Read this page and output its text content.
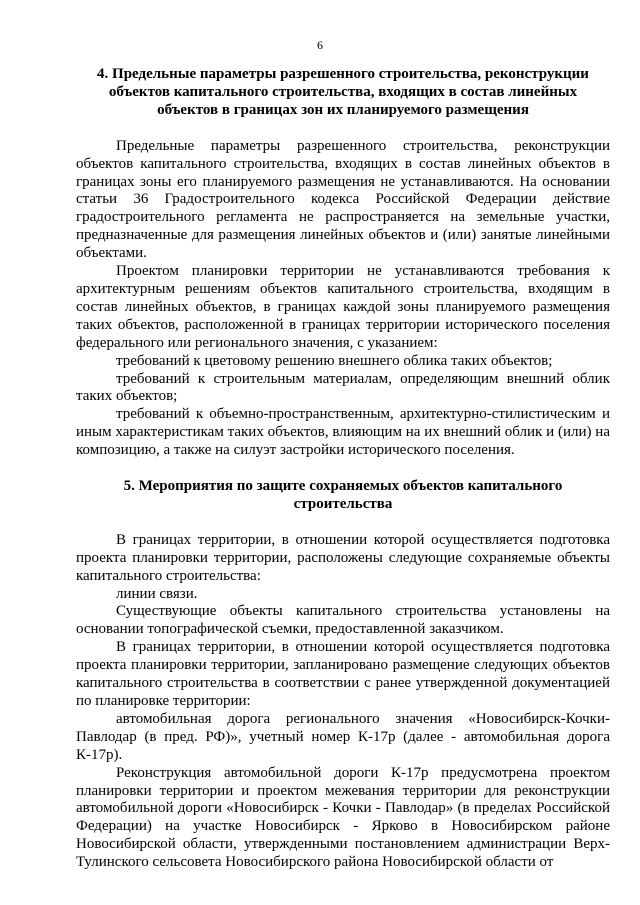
6
4. Предельные параметры разрешенного строительства, реконструкции объектов капитального строительства, входящих в состав линейных объектов в границах зон их планируемого размещения

Предельные параметры разрешенного строительства, реконструкции объектов капитального строительства, входящих в состав линейных объектов в границах зоны его планируемого размещения не устанавливаются. На основании статьи 36 Градостроительного кодекса Российской Федерации действие градостроительного регламента не распространяется на земельные участки, предназначенные для размещения линейных объектов и (или) занятые линейными объектами.

Проектом планировки территории не устанавливаются требования к архитектурным решениям объектов капитального строительства, входящим в состав линейных объектов, в границах каждой зоны планируемого размещения таких объектов, расположенной в границах территории исторического поселения федерального или регионального значения, с указанием:

требований к цветовому решению внешнего облика таких объектов;

требований к строительным материалам, определяющим внешний облик таких объектов;

требований к объемно-пространственным, архитектурно-стилистическим и иным характеристикам таких объектов, влияющим на их внешний облик и (или) на композицию, а также на силуэт застройки исторического поселения.

5. Мероприятия по защите сохраняемых объектов капитального строительства

В границах территории, в отношении которой осуществляется подготовка проекта планировки территории, расположены следующие сохраняемые объекты капитального строительства:

линии связи.

Существующие объекты капитального строительства установлены на основании топографической съемки, предоставленной заказчиком.

В границах территории, в отношении которой осуществляется подготовка проекта планировки территории, запланировано размещение следующих объектов капитального строительства в соответствии с ранее утвержденной документацией по планировке территории:

автомобильная дорога регионального значения «Новосибирск-Кочки-Павлодар (в пред. РФ)», учетный номер К-17р (далее - автомобильная дорога К-17р).

Реконструкция автомобильной дороги К-17р предусмотрена проектом планировки территории и проектом межевания территории для реконструкции автомобильной дороги «Новосибирск - Кочки - Павлодар» (в пределах Российской Федерации) на участке Новосибирск - Ярково в Новосибирском районе Новосибирской области, утвержденными постановлением администрации Верх-Тулинского сельсовета Новосибирского района Новосибирской области от
